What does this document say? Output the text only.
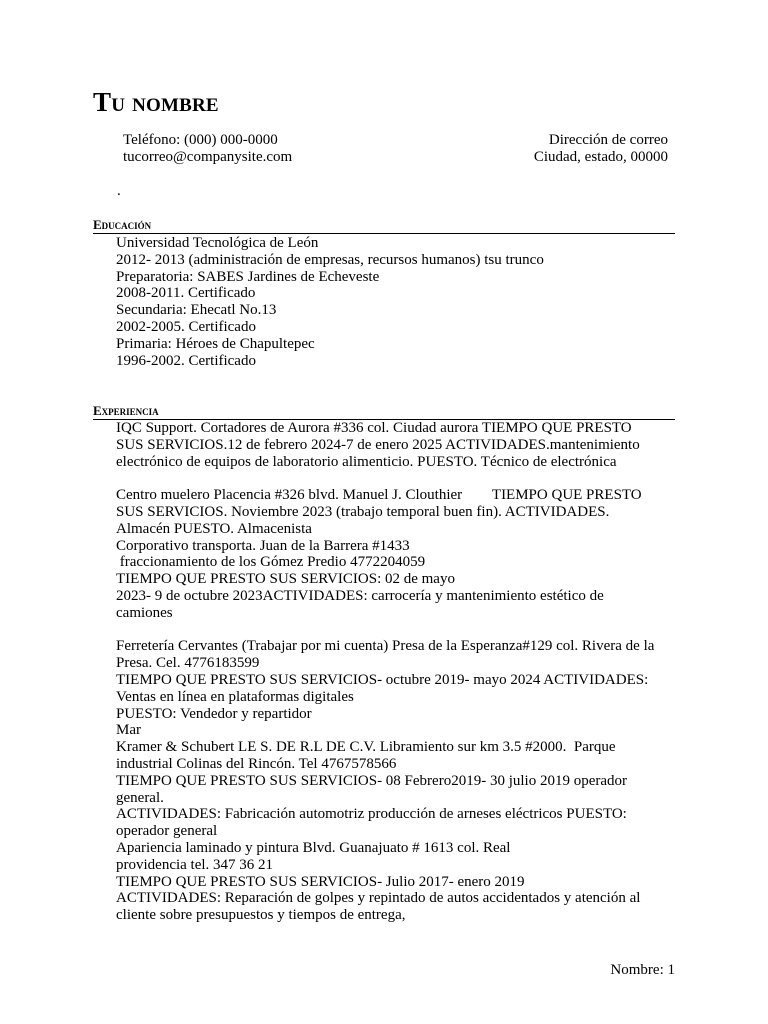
Tu nombre
Teléfono: (000) 000-0000
tucorreo@companysite.com
Dirección de correo
Ciudad, estado, 00000
.
Educación
Universidad Tecnológica de León
2012- 2013 (administración de empresas, recursos humanos) tsu trunco
Preparatoria: SABES Jardines de Echeveste
2008-2011. Certificado
Secundaria: Ehecatl No.13
2002-2005. Certificado
Primaria: Héroes de Chapultepec
1996-2002. Certificado
Experiencia
IQC Support. Cortadores de Aurora #336 col. Ciudad aurora TIEMPO QUE PRESTO
SUS SERVICIOS.12 de febrero 2024-7 de enero 2025 ACTIVIDADES.mantenimiento
electrónico de equipos de laboratorio alimenticio. PUESTO. Técnico de electrónica
Centro muelero Placencia #326 blvd. Manuel J. Clouthier        TIEMPO QUE PRESTO
SUS SERVICIOS. Noviembre 2023 (trabajo temporal buen fin). ACTIVIDADES.
Almacén PUESTO. Almacenista
Corporativo transporta. Juan de la Barrera #1433
fraccionamiento de los Gómez Predio 4772204059
TIEMPO QUE PRESTO SUS SERVICIOS: 02 de mayo
2023- 9 de octubre 2023ACTIVIDADES: carrocería y mantenimiento estético de
camiones
Ferretería Cervantes (Trabajar por mi cuenta) Presa de la Esperanza#129 col. Rivera de la
Presa. Cel. 4776183599
TIEMPO QUE PRESTO SUS SERVICIOS- octubre 2019- mayo 2024 ACTIVIDADES:
Ventas en línea en plataformas digitales
PUESTO: Vendedor y repartidor
Mar
Kramer & Schubert LE S. DE R.L DE C.V. Libramiento sur km 3.5 #2000.  Parque
industrial Colinas del Rincón. Tel 4767578566
TIEMPO QUE PRESTO SUS SERVICIOS- 08 Febrero2019- 30 julio 2019 operador
general.
ACTIVIDADES: Fabricación automotriz producción de arneses eléctricos PUESTO:
operador general
Apariencia laminado y pintura Blvd. Guanajuato # 1613 col. Real
providencia tel. 347 36 21
TIEMPO QUE PRESTO SUS SERVICIOS- Julio 2017- enero 2019
ACTIVIDADES: Reparación de golpes y repintado de autos accidentados y atención al
cliente sobre presupuestos y tiempos de entrega,
Nombre: 1
